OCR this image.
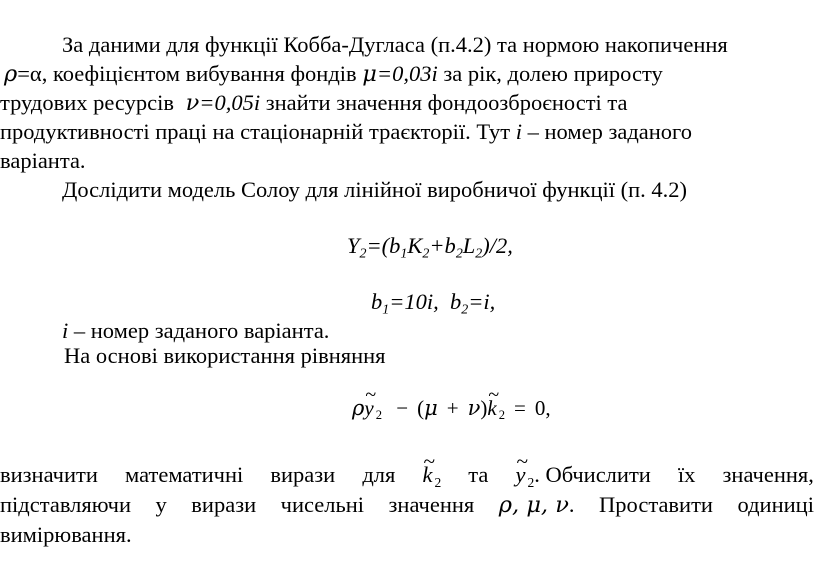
За даними для функції Кобба-Дугласа (п.4.2) та нормою накопичення
ρ=α, коефіцієнтом вибування фондів μ=0,03i за рік, долею приросту
трудових ресурсів ν=0,05i знайти значення фондоозброєності та
продуктивності праці на стаціонарній траєкторії. Тут i – номер заданого
варіанта.
Дослідити модель Солоу для лінійної виробничої функції (п. 4.2)
$Y_2=(b_1K_2+b_2L_2)/2$,
$b_1=10i$, $b_2=i$,
i – номер заданого варіанта.
На основі використання рівняння
ρ~ y $_2$ − (μ + ν)~ k $_2$ = 0,
визначити математичні вирази для ~ k $_2$ та ~ y $_2$. Обчислити їх значення,
підставляючи у вирази чисельні значення ρ, μ, ν. Проставити одиниці
вимірювання.
